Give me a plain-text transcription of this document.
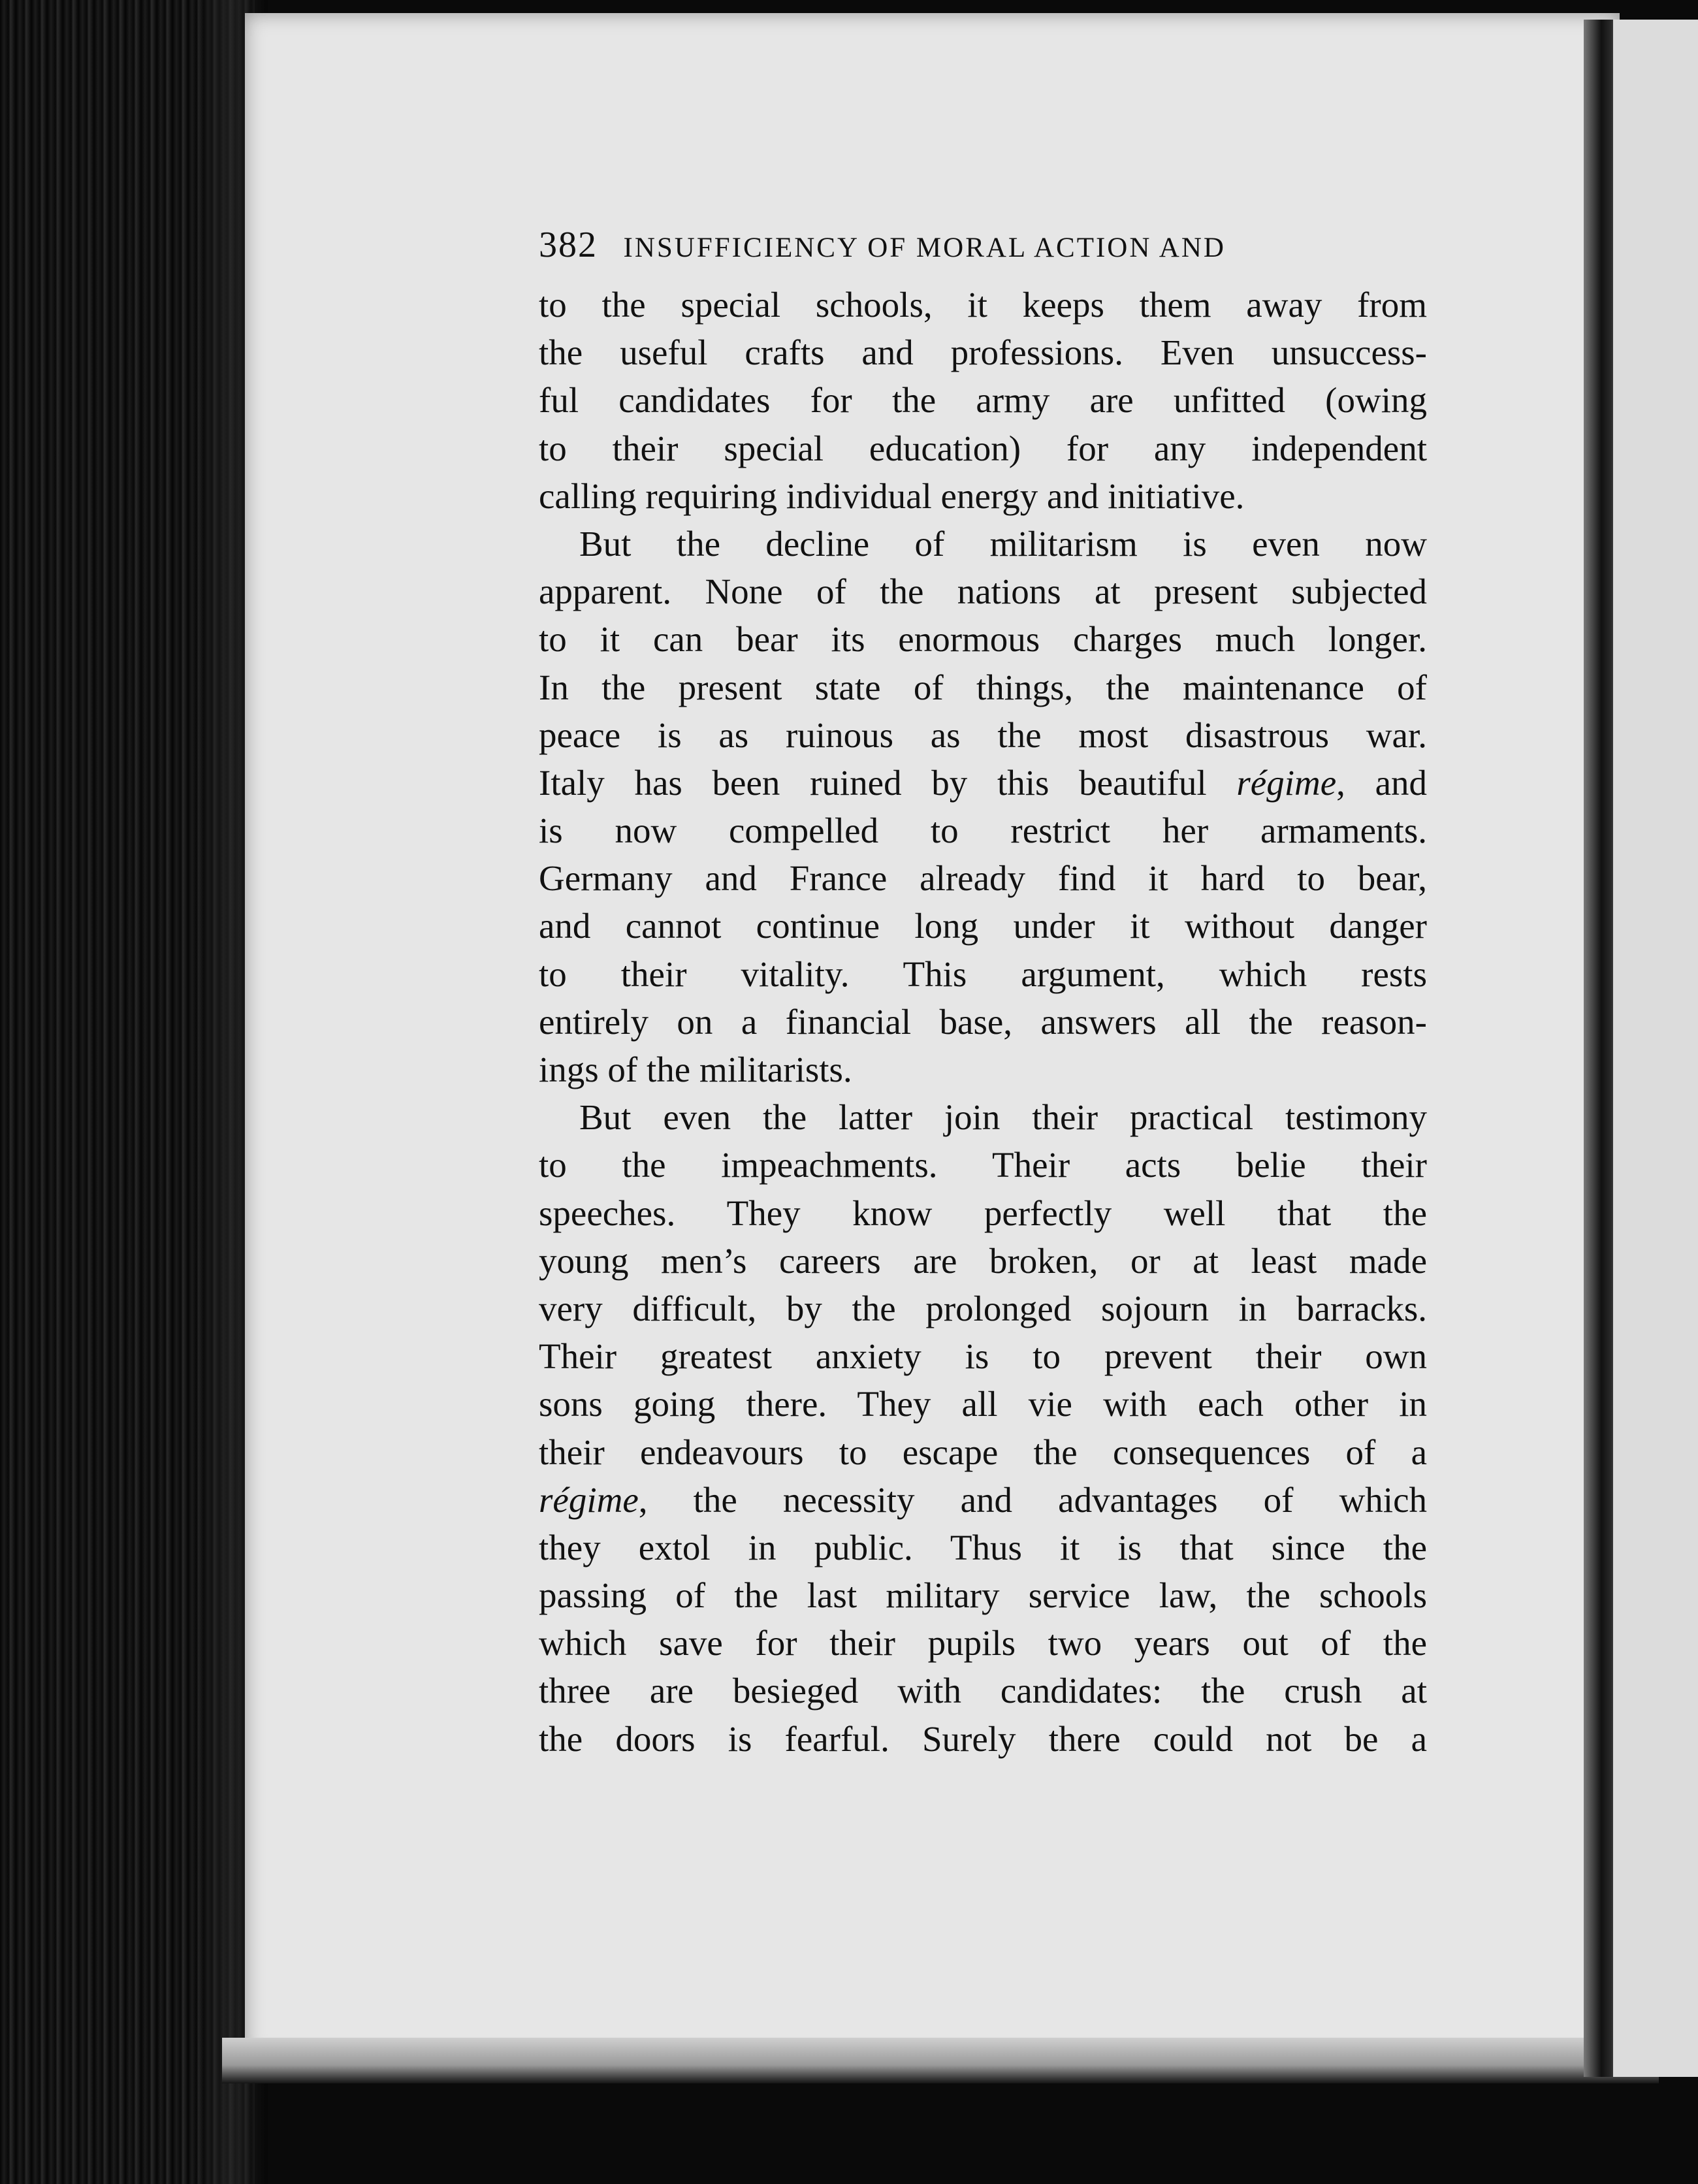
382 INSUFFICIENCY OF MORAL ACTION AND
to the special schools, it keeps them away from
the useful crafts and professions. Even unsuccess-
ful candidates for the army are unfitted (owing
to their special education) for any independent
calling requiring individual energy and initiative.
But the decline of militarism is even now
apparent. None of the nations at present subjected
to it can bear its enormous charges much longer.
In the present state of things, the maintenance of
peace is as ruinous as the most disastrous war.
Italy has been ruined by this beautiful régime, and
is now compelled to restrict her armaments.
Germany and France already find it hard to bear,
and cannot continue long under it without danger
to their vitality. This argument, which rests
entirely on a financial base, answers all the reason-
ings of the militarists.
But even the latter join their practical testimony
to the impeachments. Their acts belie their
speeches. They know perfectly well that the
young men’s careers are broken, or at least made
very difficult, by the prolonged sojourn in barracks.
Their greatest anxiety is to prevent their own
sons going there. They all vie with each other in
their endeavours to escape the consequences of a
régime, the necessity and advantages of which
they extol in public. Thus it is that since the
passing of the last military service law, the schools
which save for their pupils two years out of the
three are besieged with candidates: the crush at
the doors is fearful. Surely there could not be a
